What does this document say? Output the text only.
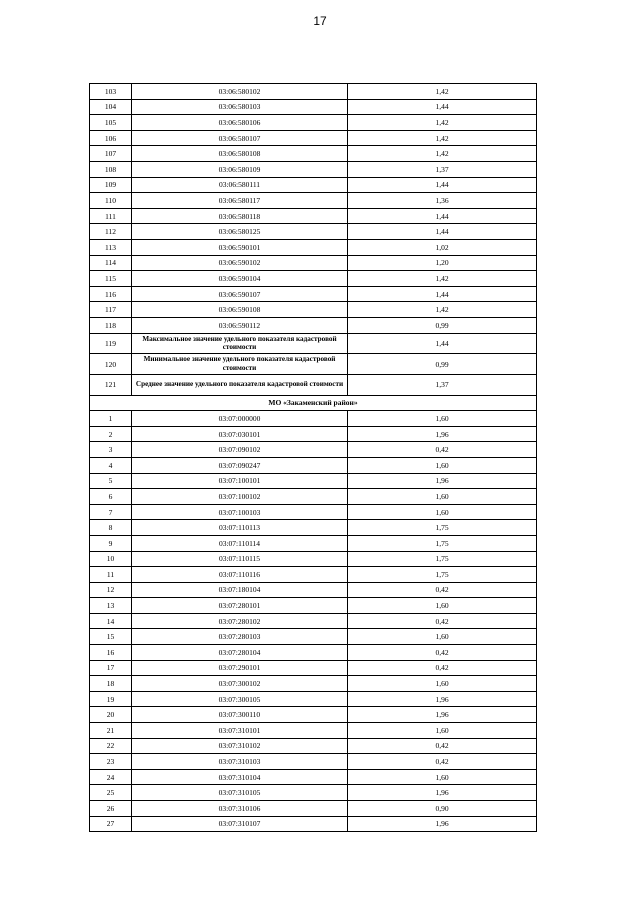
17
103	03:06:580102	1,42
104	03:06:580103	1,44
105	03:06:580106	1,42
106	03:06:580107	1,42
107	03:06:580108	1,42
108	03:06:580109	1,37
109	03:06:580111	1,44
110	03:06:580117	1,36
111	03:06:580118	1,44
112	03:06:580125	1,44
113	03:06:590101	1,02
114	03:06:590102	1,20
115	03:06:590104	1,42
116	03:06:590107	1,44
117	03:06:590108	1,42
118	03:06:590112	0,99
119	Максимальное значение удельного показателя кадастровой стоимости	1,44
120	Минимальное значение удельного показателя кадастровой стоимости	0,99
121	Среднее значение удельного показателя кадастровой стоимости	1,37
МО «Закаменский район»		
1	03:07:000000	1,60
2	03:07:030101	1,96
3	03:07:090102	0,42
4	03:07:090247	1,60
5	03:07:100101	1,96
6	03:07:100102	1,60
7	03:07:100103	1,60
8	03:07:110113	1,75
9	03:07:110114	1,75
10	03:07:110115	1,75
11	03:07:110116	1,75
12	03:07:180104	0,42
13	03:07:280101	1,60
14	03:07:280102	0,42
15	03:07:280103	1,60
16	03:07:280104	0,42
17	03:07:290101	0,42
18	03:07:300102	1,60
19	03:07:300105	1,96
20	03:07:300110	1,96
21	03:07:310101	1,60
22	03:07:310102	0,42
23	03:07:310103	0,42
24	03:07:310104	1,60
25	03:07:310105	1,96
26	03:07:310106	0,90
27	03:07:310107	1,96
